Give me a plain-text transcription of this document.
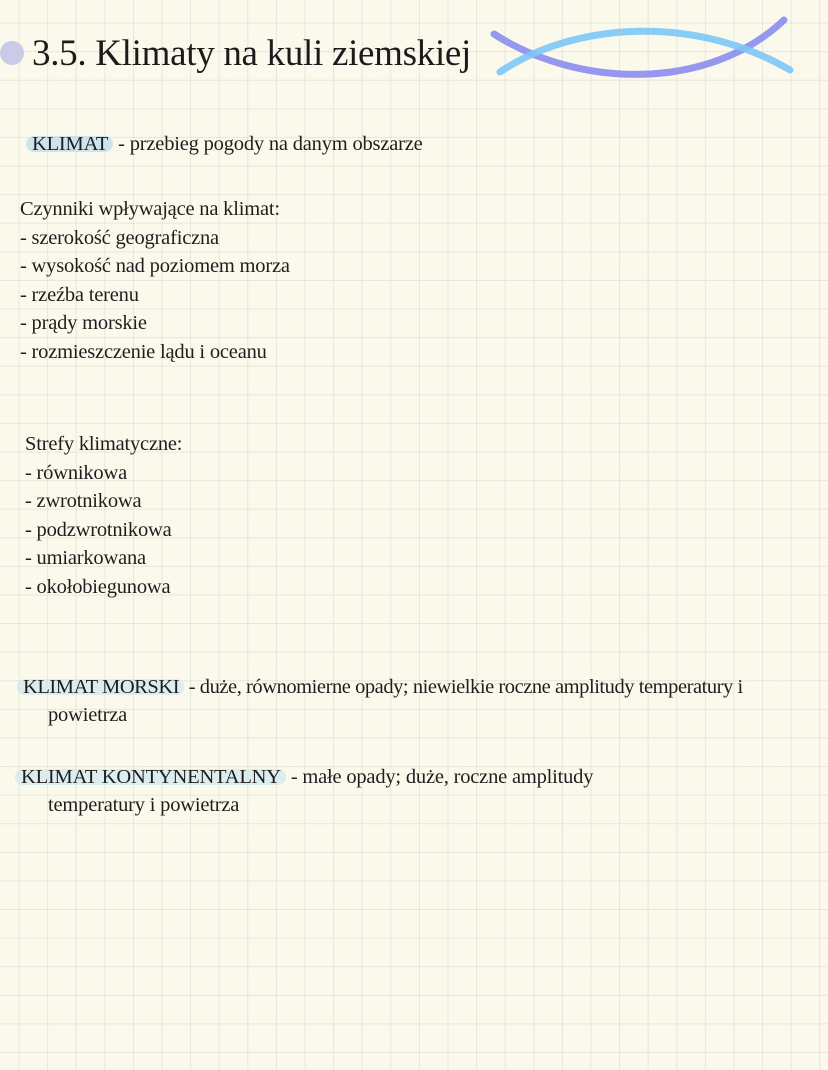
3.5. Klimaty na kuli ziemskiej
KLIMAT - przebieg pogody na danym obszarze
Czynniki wpływające na klimat:
- szerokość geograficzna
- wysokość nad poziomem morza
- rzeźba terenu
- prądy morskie
- rozmieszczenie lądu i oceanu
Strefy klimatyczne:
- równikowa
- zwrotnikowa
- podzwrotnikowa
- umiarkowana
- okołobiegunowa
KLIMAT MORSKI - duże, równomierne opady; niewielkie roczne amplitudy temperatury i
powietrza
KLIMAT KONTYNENTALNY - małe opady; duże, roczne amplitudy
temperatury i powietrza
